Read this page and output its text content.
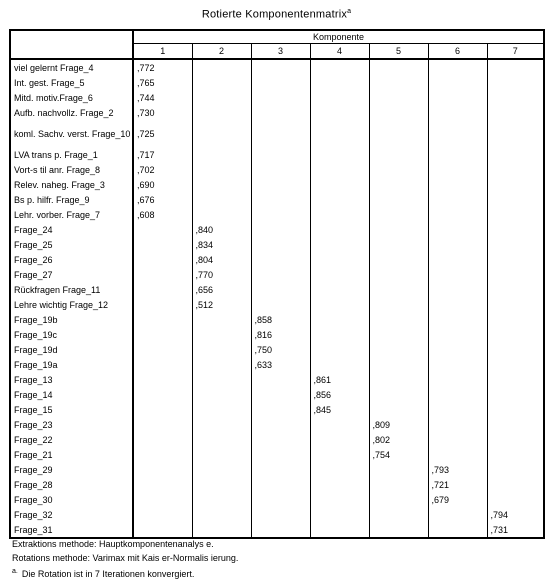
Rotierte Komponentenmatrix$^a$
	Komponente						
	1	2	3	4	5	6	7
viel gelernt Frage_4	,772						
Int. gest. Frage_5	,765						
Mitd. motiv.Frage_6	,744						
Aufb. nachvollz. Frage_2	,730						
koml. Sachv. verst. Frage_10	,725						
LVA trans p. Frage_1	,717						
Vort-s til anr. Frage_8	,702						
Relev. naheg. Frage_3	,690						
Bs p. hilfr. Frage_9	,676						
Lehr. vorber. Frage_7	,608						
Frage_24		,840					
Frage_25		,834					
Frage_26		,804					
Frage_27		,770					
Rückfragen Frage_11		,656					
Lehre wichtig Frage_12		,512					
Frage_19b			,858				
Frage_19c			,816				
Frage_19d			,750				
Frage_19a			,633				
Frage_13				,861			
Frage_14				,856			
Frage_15				,845			
Frage_23					,809		
Frage_22					,802		
Frage_21					,754		
Frage_29						,793	
Frage_28						,721	
Frage_30						,679	
Frage_32							,794
Frage_31							,731
Extraktions methode: Hauptkomponentenanalys e.
Rotations methode: Varimax mit Kais er-Normalis ierung.
$^{a.}$ Die Rotation ist in 7 Iterationen konvergiert.
